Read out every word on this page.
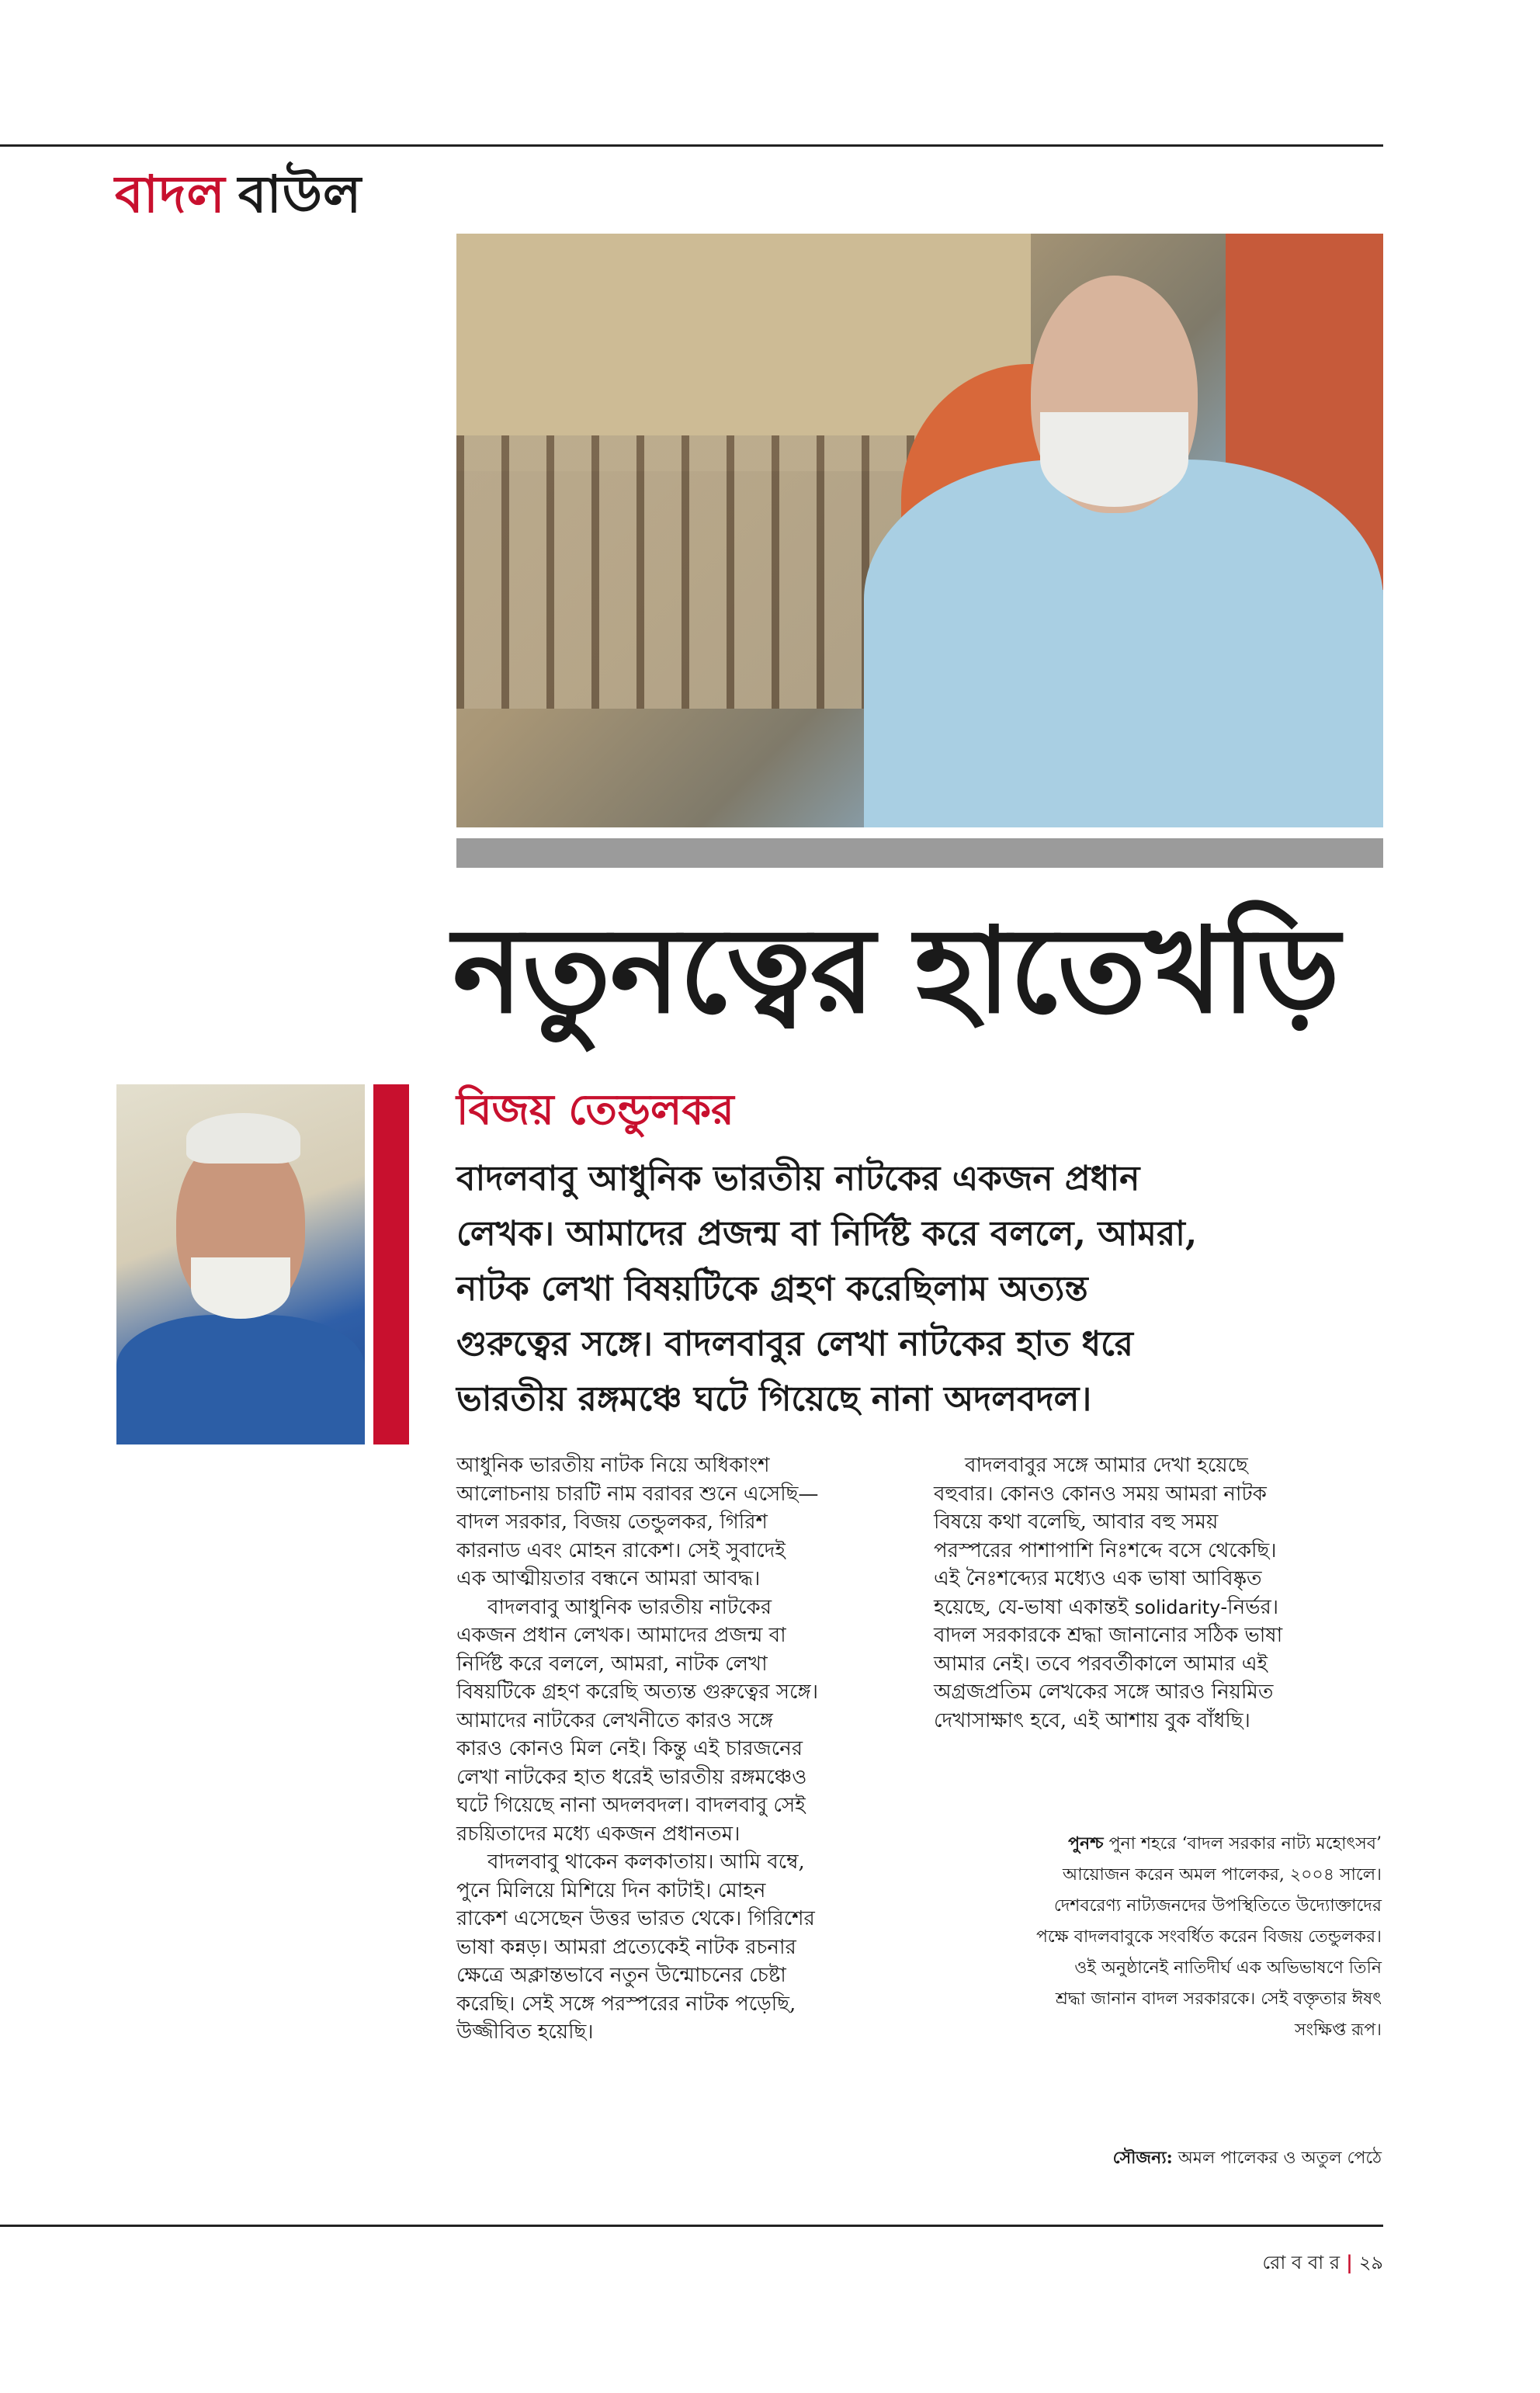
বাদল বাউল
নতুনত্বের হাতেখড়ি
বিজয় তেন্ডুলকর
বাদলবাবু আধুনিক ভারতীয় নাটকের একজন প্রধান
লেখক। আমাদের প্রজন্ম বা নির্দিষ্ট করে বললে, আমরা,
নাটক লেখা বিষয়টিকে গ্রহণ করেছিলাম অত্যন্ত
গুরুত্বের সঙ্গে। বাদলবাবুর লেখা নাটকের হাত ধরে
ভারতীয় রঙ্গমঞ্চে ঘটে গিয়েছে নানা অদলবদল।
আধুনিক ভারতীয় নাটক নিয়ে অধিকাংশ
আলোচনায় চারটি নাম বরাবর শুনে এসেছি—
বাদল সরকার, বিজয় তেন্ডুলকর, গিরিশ
কারনাড এবং মোহন রাকেশ। সেই সুবাদেই
এক আত্মীয়তার বন্ধনে আমরা আবদ্ধ।
বাদলবাবু আধুনিক ভারতীয় নাটকের
একজন প্রধান লেখক। আমাদের প্রজন্ম বা
নির্দিষ্ট করে বললে, আমরা, নাটক লেখা
বিষয়টিকে গ্রহণ করেছি অত্যন্ত গুরুত্বের সঙ্গে।
আমাদের নাটকের লেখনীতে কারও সঙ্গে
কারও কোনও মিল নেই। কিন্তু এই চারজনের
লেখা নাটকের হাত ধরেই ভারতীয় রঙ্গমঞ্চেও
ঘটে গিয়েছে নানা অদলবদল। বাদলবাবু সেই
রচয়িতাদের মধ্যে একজন প্রধানতম।
বাদলবাবু থাকেন কলকাতায়। আমি বম্বে,
পুনে মিলিয়ে মিশিয়ে দিন কাটাই। মোহন
রাকেশ এসেছেন উত্তর ভারত থেকে। গিরিশের
ভাষা কন্নড়। আমরা প্রত্যেকেই নাটক রচনার
ক্ষেত্রে অক্লান্তভাবে নতুন উন্মোচনের চেষ্টা
করেছি। সেই সঙ্গে পরস্পরের নাটক পড়েছি,
উজ্জীবিত হয়েছি।
বাদলবাবুর সঙ্গে আমার দেখা হয়েছে
বহুবার। কোনও কোনও সময় আমরা নাটক
বিষয়ে কথা বলেছি, আবার বহু সময়
পরস্পরের পাশাপাশি নিঃশব্দে বসে থেকেছি।
এই নৈঃশব্দ্যের মধ্যেও এক ভাষা আবিষ্কৃত
হয়েছে, যে-ভাষা একান্তই solidarity-নির্ভর।
বাদল সরকারকে শ্রদ্ধা জানানোর সঠিক ভাষা
আমার নেই। তবে পরবর্তীকালে আমার এই
অগ্রজপ্রতিম লেখকের সঙ্গে আরও নিয়মিত
দেখাসাক্ষাৎ হবে, এই আশায় বুক বাঁধছি।
পুনশ্চ পুনা শহরে ‘বাদল সরকার নাট্য মহোৎসব’
আয়োজন করেন অমল পালেকর, ২০০৪ সালে।
দেশবরেণ্য নাট্যজনদের উপস্থিতিতে উদ্যোক্তাদের
পক্ষে বাদলবাবুকে সংবর্ধিত করেন বিজয় তেন্ডুলকর।
ওই অনুষ্ঠানেই নাতিদীর্ঘ এক অভিভাষণে তিনি
শ্রদ্ধা জানান বাদল সরকারকে। সেই বক্তৃতার ঈষৎ
সংক্ষিপ্ত রূপ।
সৌজন্য: অমল পালেকর ও অতুল পেঠে
রো ব বা র | ২৯
